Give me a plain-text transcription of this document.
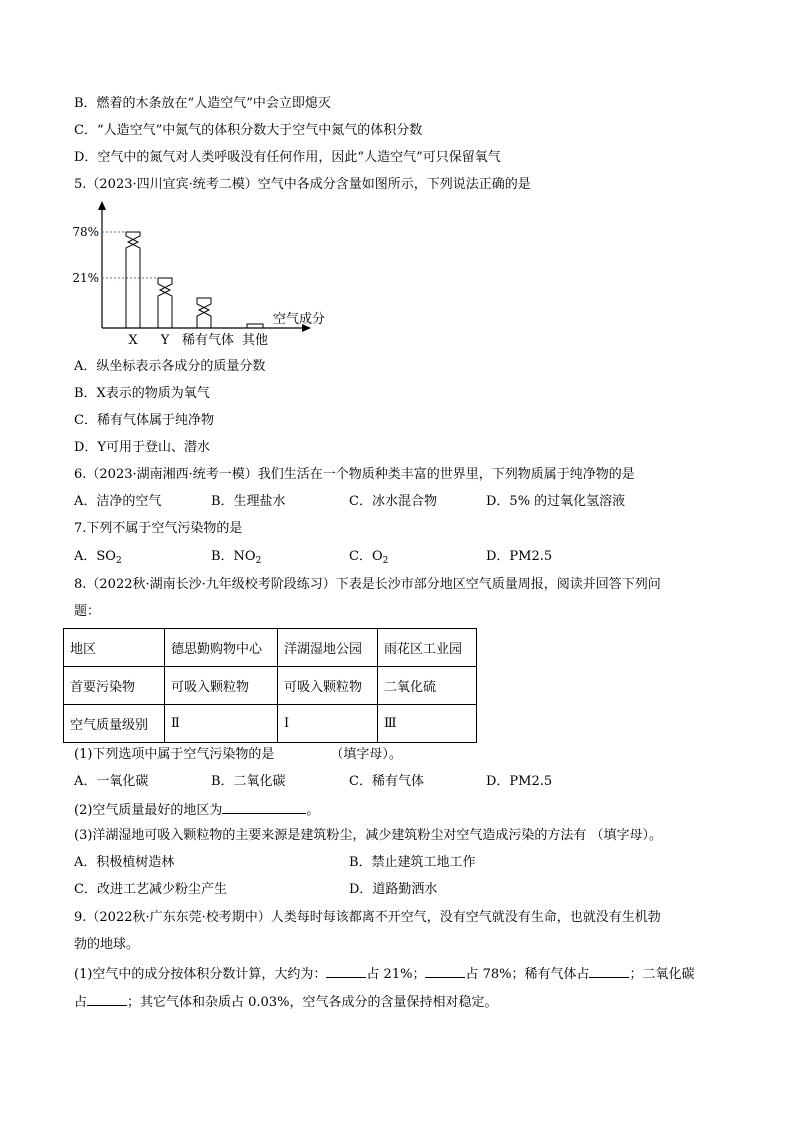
B．燃着的木条放在“人造空气”中会立即熄灭
C．“人造空气”中氮气的体积分数大于空气中氮气的体积分数
D．空气中的氮气对人类呼吸没有任何作用，因此“人造空气”可只保留氧气
5.（2023·四川宜宾·统考二模）空气中各成分含量如图所示，下列说法正确的是
78%
21%
X Y 稀有气体 其他
空气成分
A．纵坐标表示各成分的质量分数
B．X表示的物质为氧气
C．稀有气体属于纯净物
D．Y可用于登山、潜水
6.（2023·湖南湘西·统考一模）我们生活在一个物质种类丰富的世界里，下列物质属于纯净物的是
A．洁净的空气	B．生理盐水	C．冰水混合物	D．5% 的过氧化氢溶液
7.下列不属于空气污染物的是
A．$SO_2$	B．$NO_2$	C．$O_2$	D．PM2.5
8.（2022秋·湖南长沙·九年级校考阶段练习）下表是长沙市部分地区空气质量周报，阅读并回答下列问
题：
地区	德思勤购物中心	洋湖湿地公园	雨花区工业园
首要污染物	可吸入颗粒物	可吸入颗粒物	二氧化硫
空气质量级别	Ⅱ	Ⅰ	Ⅲ
(1)下列选项中属于空气污染物的是	（填字母）。
A．一氧化碳	B．二氧化碳	C．稀有气体	D．PM2.5
(2)空气质量最好的地区为	。
(3)洋湖湿地可吸入颗粒物的主要来源是建筑粉尘，减少建筑粉尘对空气造成污染的方法有 （填字母）。
A．积极植树造林	B．禁止建筑工地工作
C．改进工艺减少粉尘产生	D．道路勤洒水
9.（2022秋·广东东莞·校考期中）人类每时每该都离不开空气，没有空气就没有生命，也就没有生机勃
勃的地球。
(1)空气中的成分按体积分数计算，大约为：	占 21%；	占 78%；稀有气体占	；二氧化碳
占	；其它气体和杂质占 0.03%，空气各成分的含量保持相对稳定。
